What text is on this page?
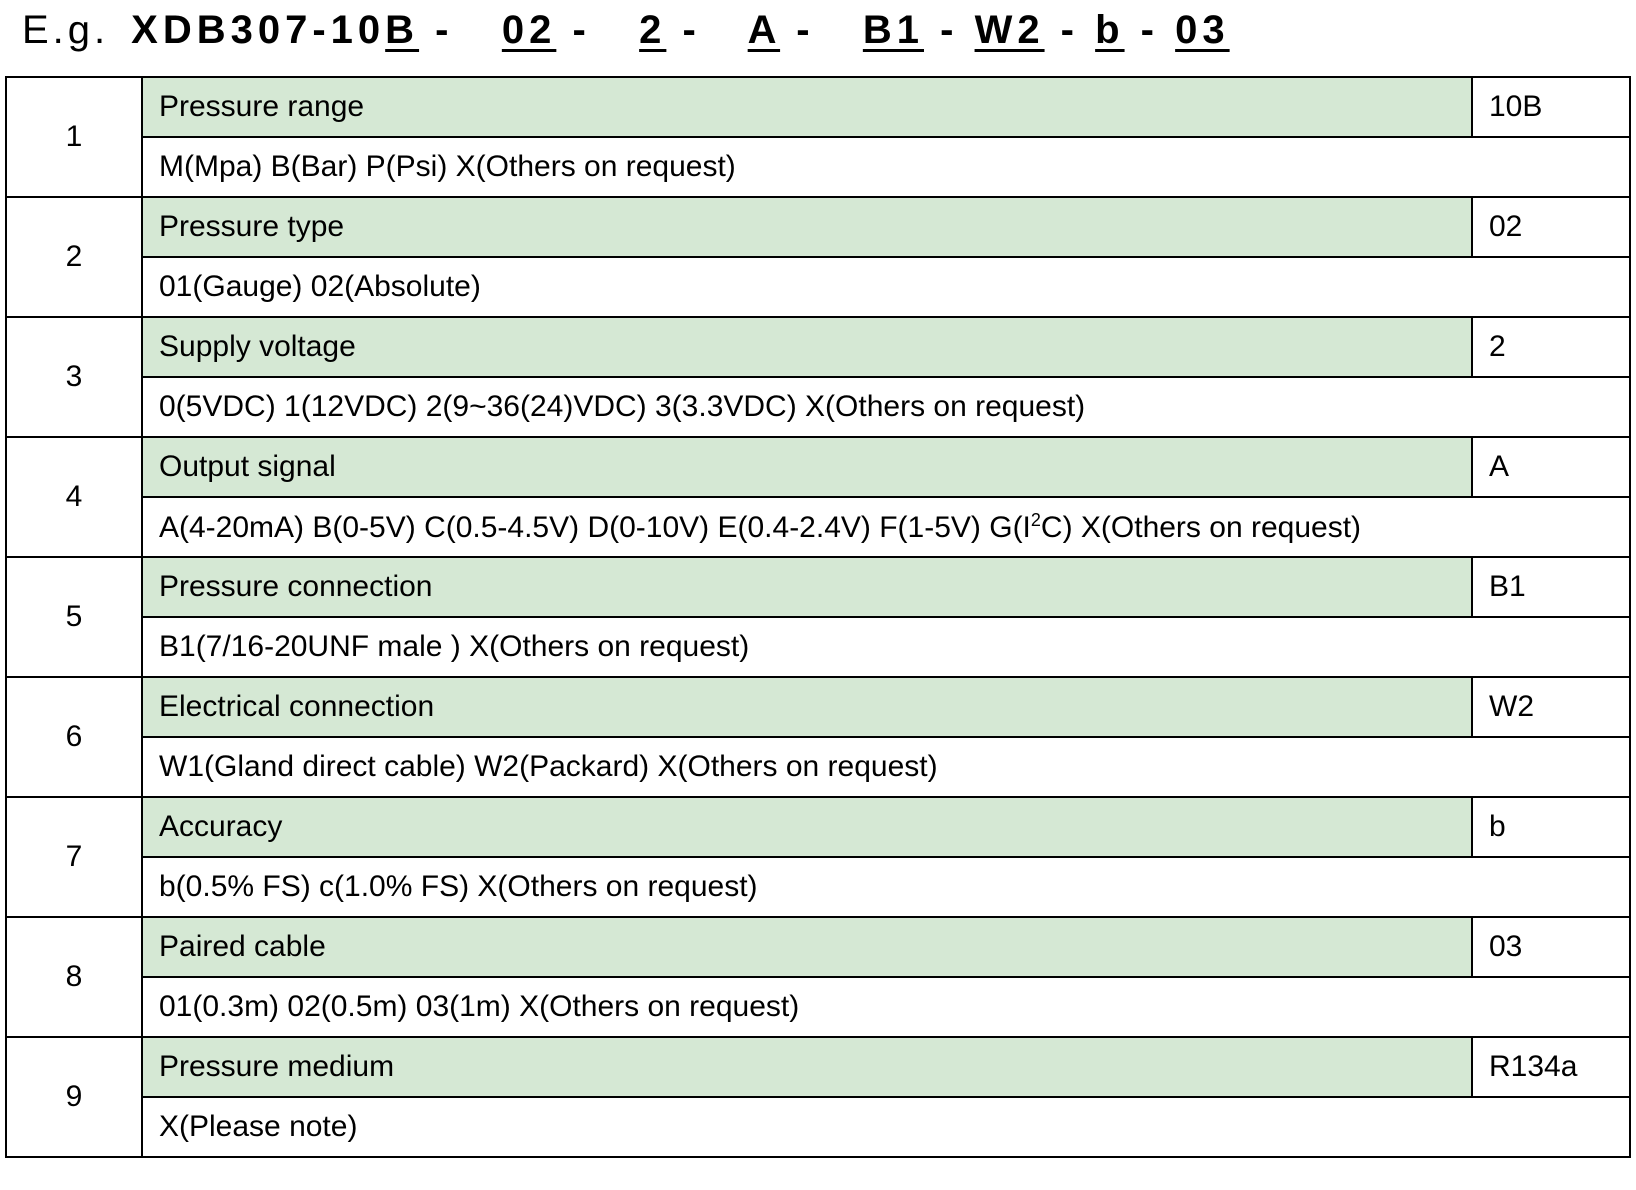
E.g. XDB307- 10B -	02 -	2 -	A -	B1 - W2 - b - 03
1	Pressure range	10B
	M(Mpa) B(Bar) P(Psi) X(Others on request)	
2	Pressure type	02
	01(Gauge) 02(Absolute)	
3	Supply voltage	2
	0(5VDC) 1(12VDC) 2(9~36(24)VDC) 3(3.3VDC) X(Others on request)	
4	Output signal	A
	A(4-20mA) B(0-5V) C(0.5-4.5V) D(0-10V) E(0.4-2.4V) F(1-5V) $G(I^2C)$ X(Others on request)	
5	Pressure connection	B1
	B1(7/16-20UNF male ) X(Others on request)	
6	Electrical connection	W2
	W1(Gland direct cable) W2(Packard) X(Others on request)	
7	Accuracy	b
	b(0.5% FS) c(1.0% FS) X(Others on request)	
8	Paired cable	03
	01(0.3m) 02(0.5m) 03(1m) X(Others on request)	
9	Pressure medium	R134a
	X(Please note)	
